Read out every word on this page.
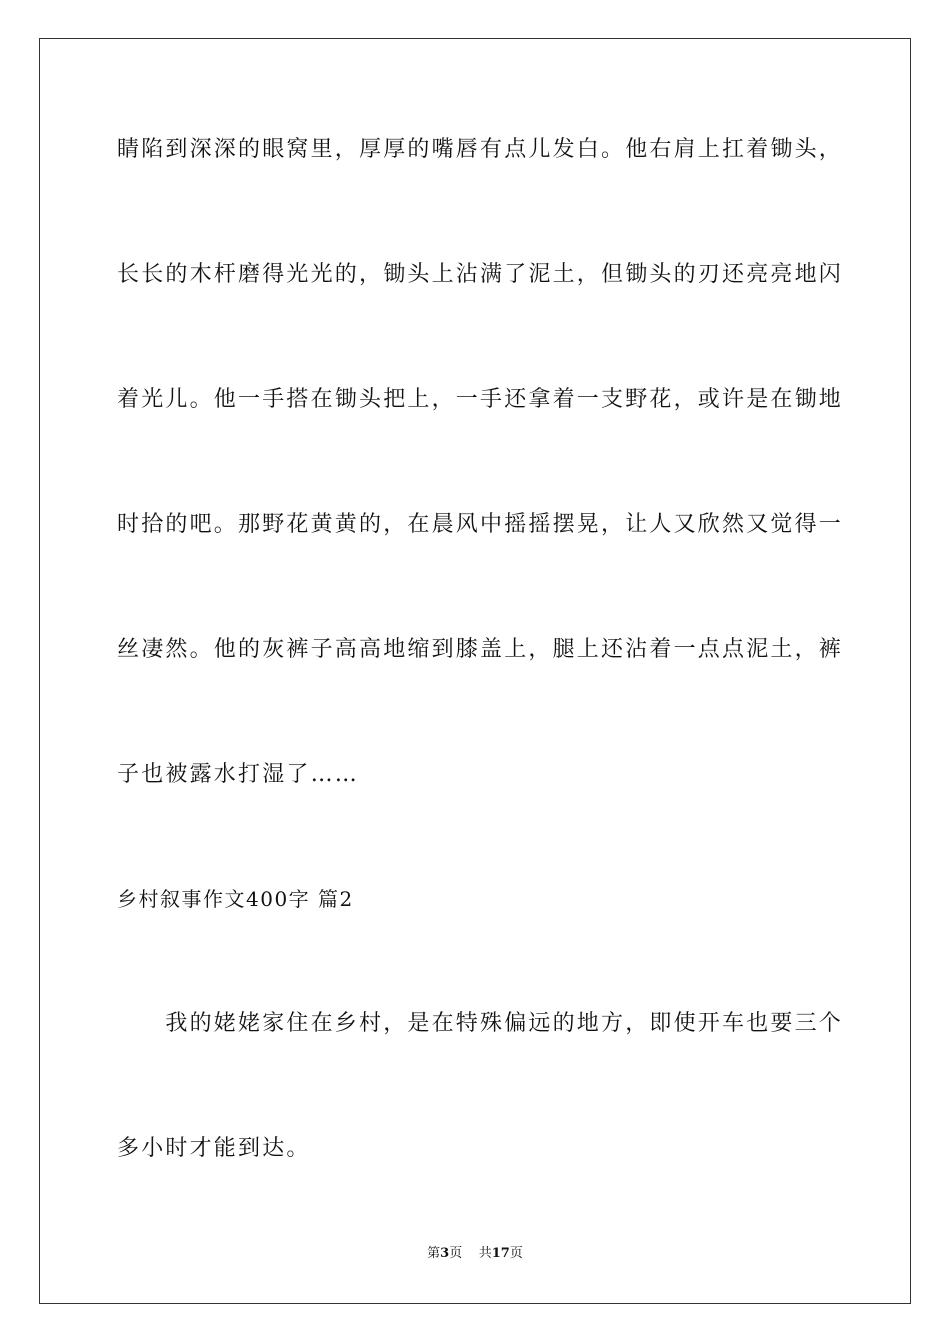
睛陷到深深的眼窝里，厚厚的嘴唇有点儿发白。他右肩上扛着锄头，
长长的木杆磨得光光的，锄头上沾满了泥土，但锄头的刃还亮亮地闪
着光儿。他一手搭在锄头把上，一手还拿着一支野花，或许是在锄地
时拾的吧。那野花黄黄的，在晨风中摇摇摆晃，让人又欣然又觉得一
丝凄然。他的灰裤子高高地缩到膝盖上，腿上还沾着一点点泥土，裤
子也被露水打湿了……
乡村叙事作文400字 篇2
　　我的姥姥家住在乡村，是在特殊偏远的地方，即使开车也要三个
多小时才能到达。
第3页 共17页
